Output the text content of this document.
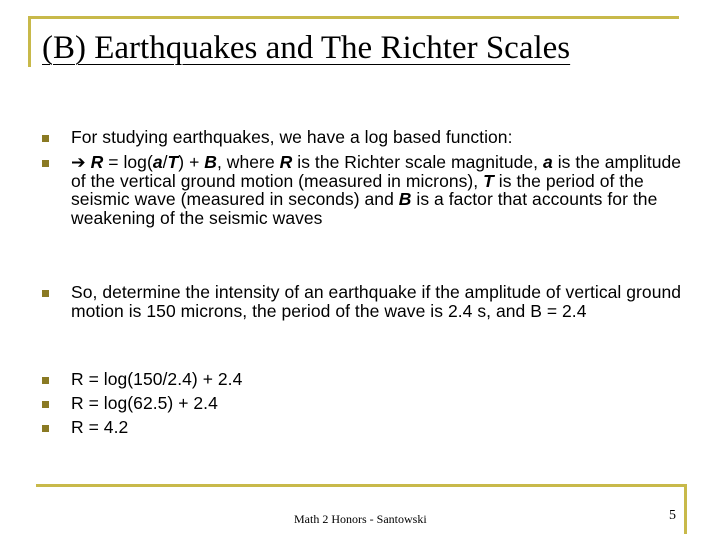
(B) Earthquakes and The Richter Scales
For studying earthquakes, we have a log based function:
➔ R = log(a/T) + B, where R is the Richter scale magnitude, a is the amplitude of the vertical ground motion (measured in microns), T is the period of the seismic wave (measured in seconds) and B is a factor that accounts for the weakening of the seismic waves
So, determine the intensity of an earthquake if the amplitude of vertical ground motion is 150 microns, the period of the wave is 2.4 s, and B = 2.4
R = log(150/2.4) + 2.4
R = log(62.5) + 2.4
R = 4.2
Math 2 Honors - Santowski	5
